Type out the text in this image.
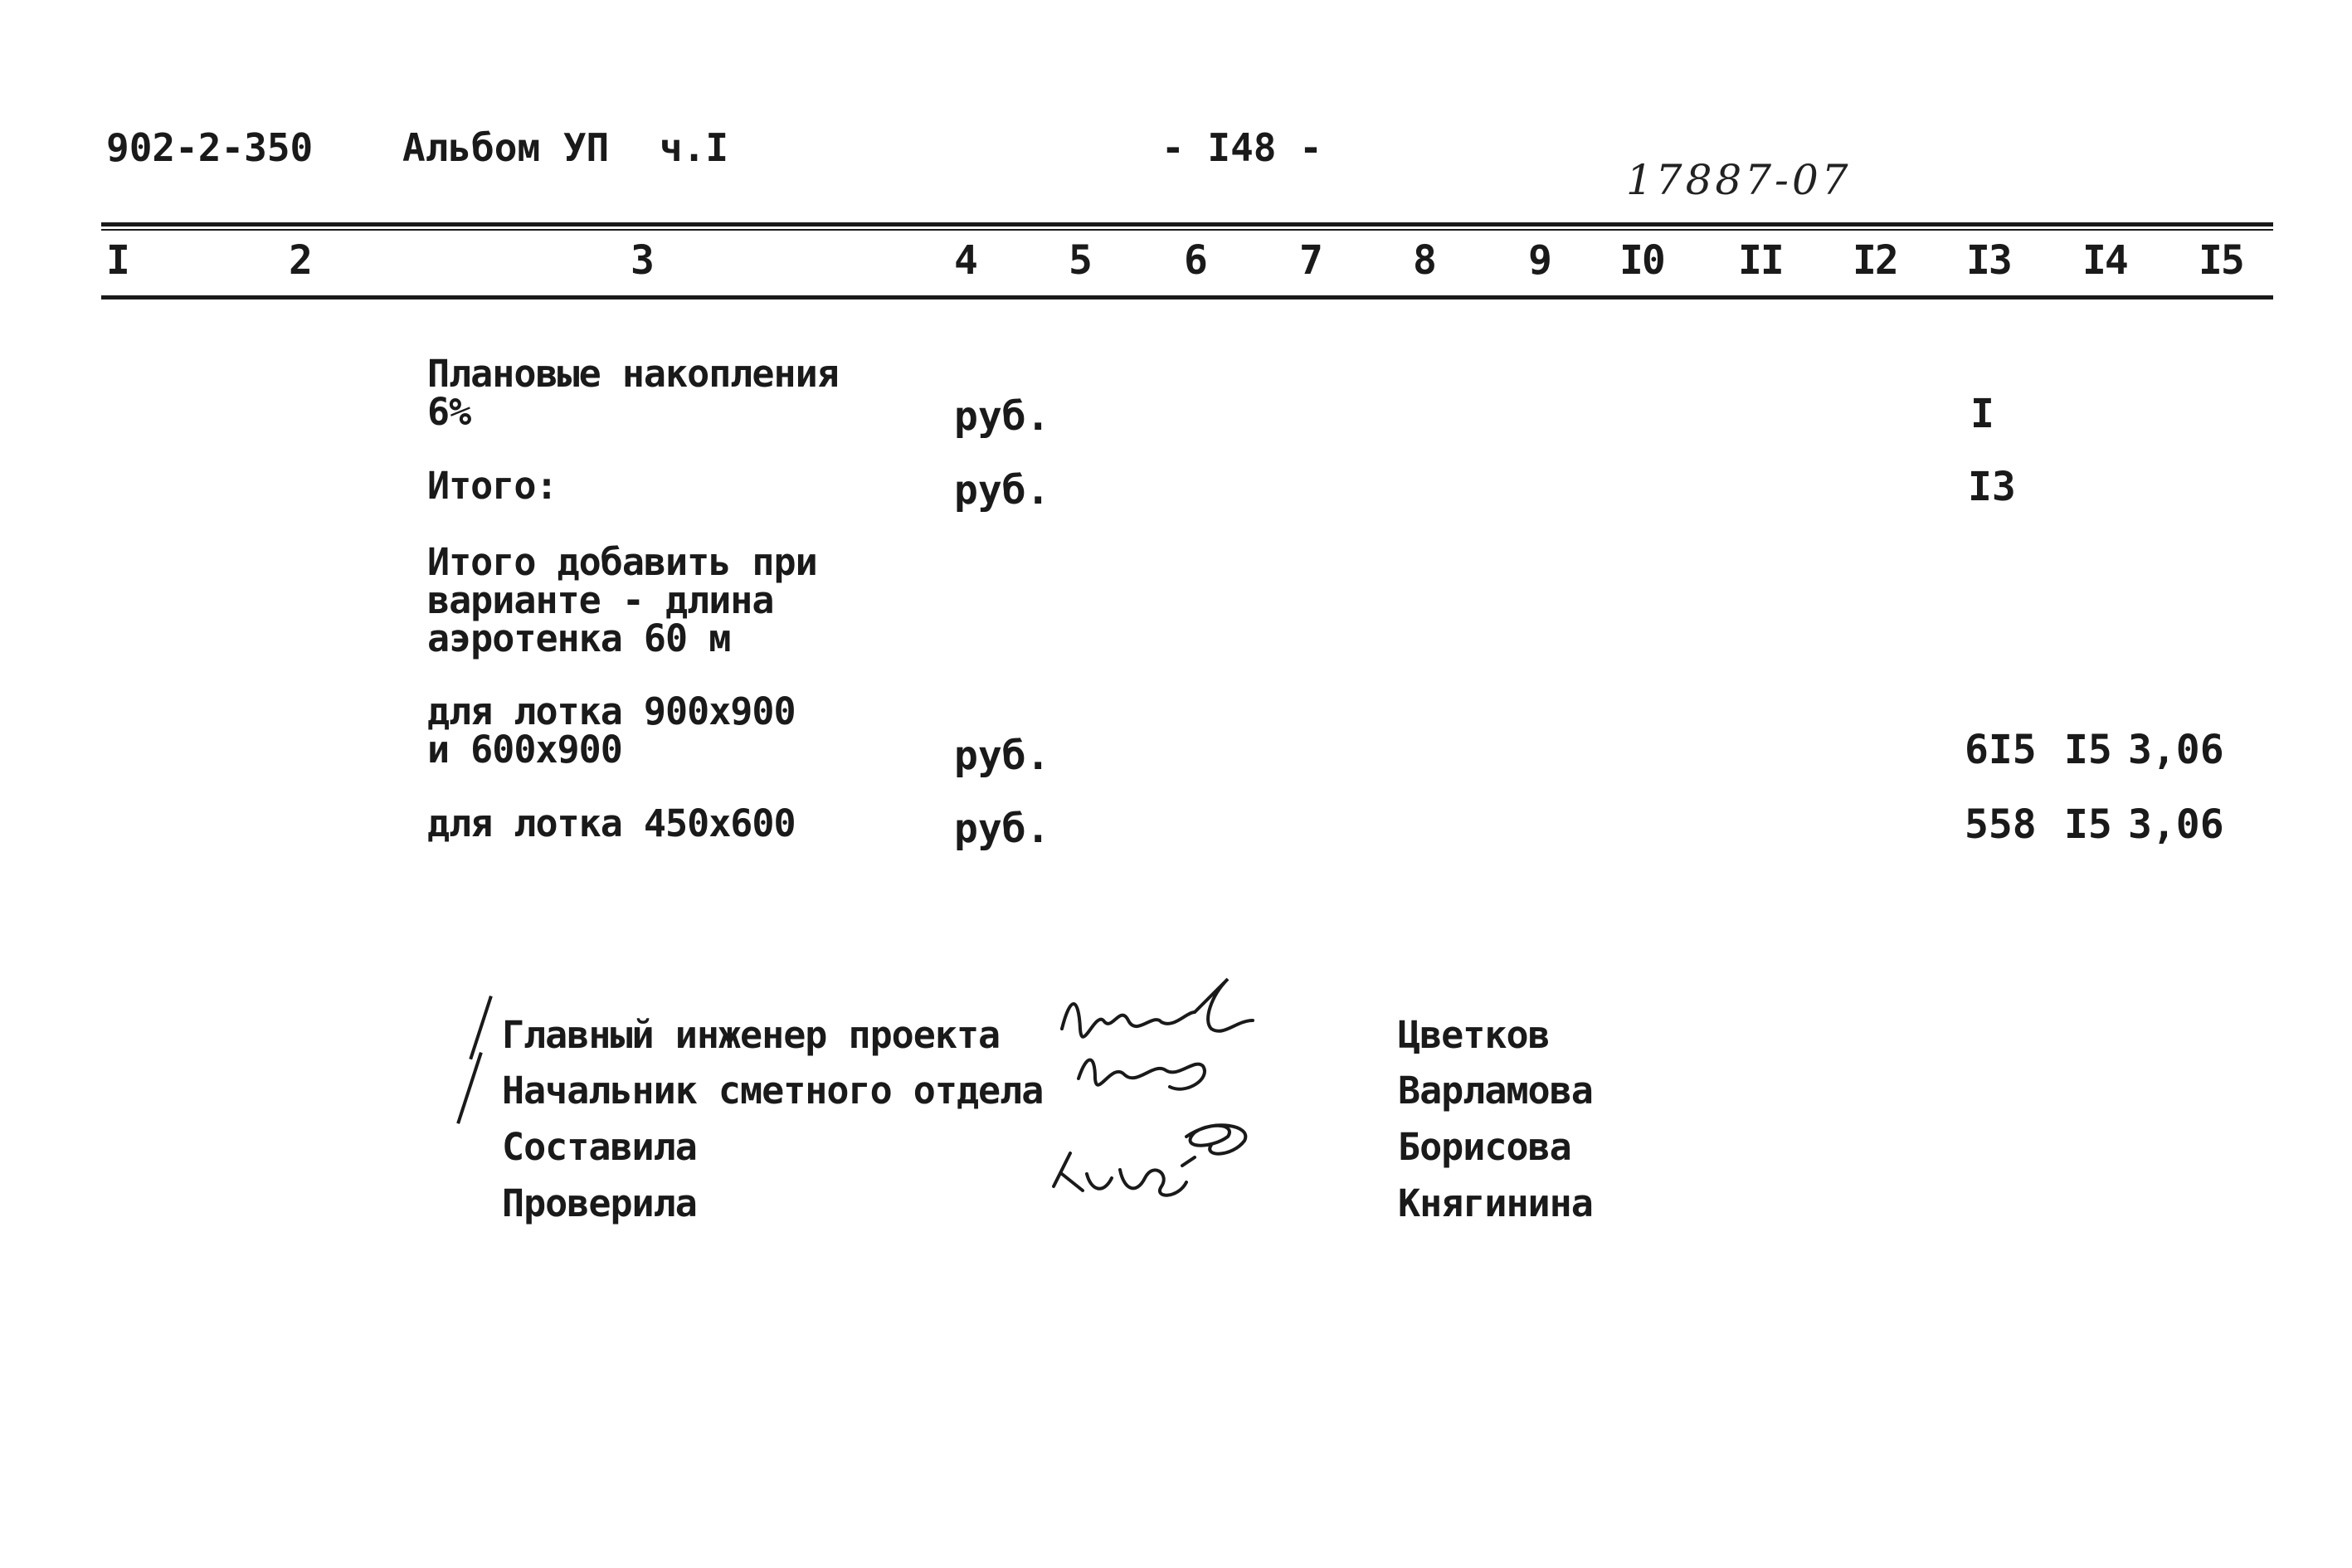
902-2-350 Альбом УП ч.I	- I48 -
17887-07
I	2	3	4 5 6 7 8 9 I0 II I2 I3 I4 I5
Плановые накопления
6%	руб.	I
Итого:	руб.	I3
Итого добавить при
варианте - длина
аэротенка 60 м
для лотка 900х900
и 600х900	руб.	6I5 I5 3,06
для лотка 450х600	руб.	558 I5 3,06
Главный инженер проекта
Начальник сметного отдела
Составила
Проверила
Цветков
Варламова
Борисова
Княгинина
